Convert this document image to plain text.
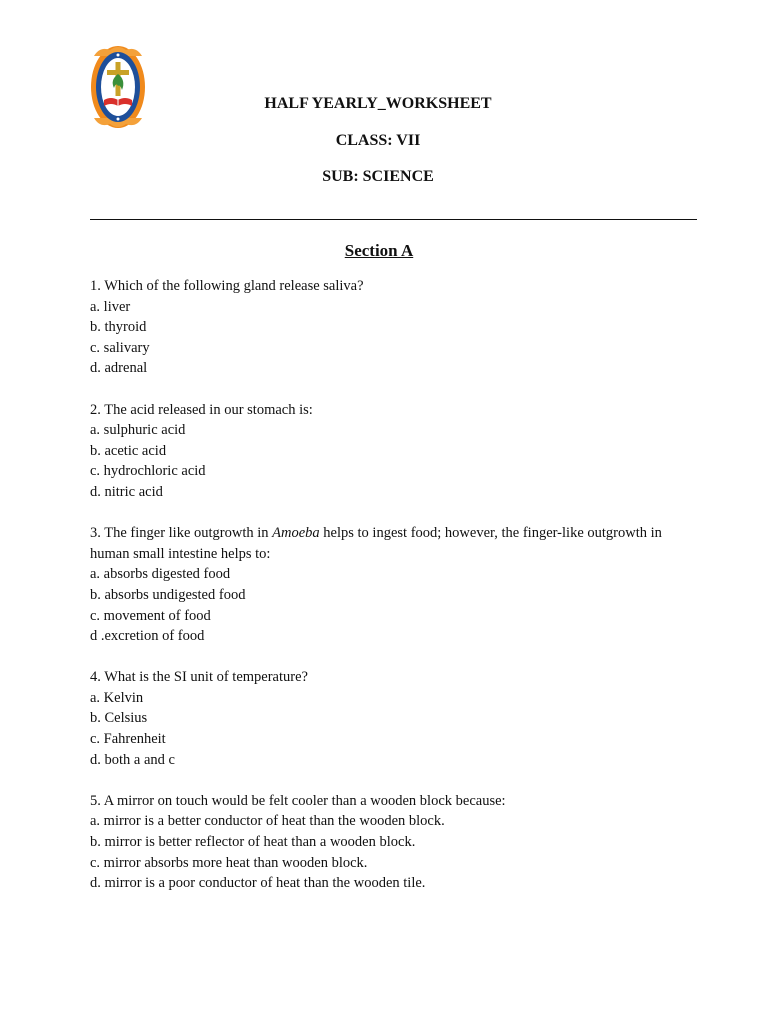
HALF YEARLY_WORKSHEET
CLASS: VII
SUB: SCIENCE
Section A
1. Which of the following gland release saliva?
a. liver
b. thyroid
c. salivary
d. adrenal
2. The acid released in our stomach is:
a. sulphuric acid
b. acetic acid
c. hydrochloric acid
d. nitric acid
3. The finger like outgrowth in Amoeba helps to ingest food; however, the finger-like outgrowth in human small intestine helps to:
a. absorbs digested food
b. absorbs undigested food
c. movement of food
d .excretion of food
4. What is the SI unit of temperature?
a. Kelvin
b. Celsius
c. Fahrenheit
d. both a and c
5. A mirror on touch would be felt cooler than a wooden block because:
a. mirror is a better conductor of heat than the wooden block.
b. mirror is better reflector of heat than a wooden block.
c. mirror absorbs more heat than wooden block.
d. mirror is a poor conductor of heat than the wooden tile.
